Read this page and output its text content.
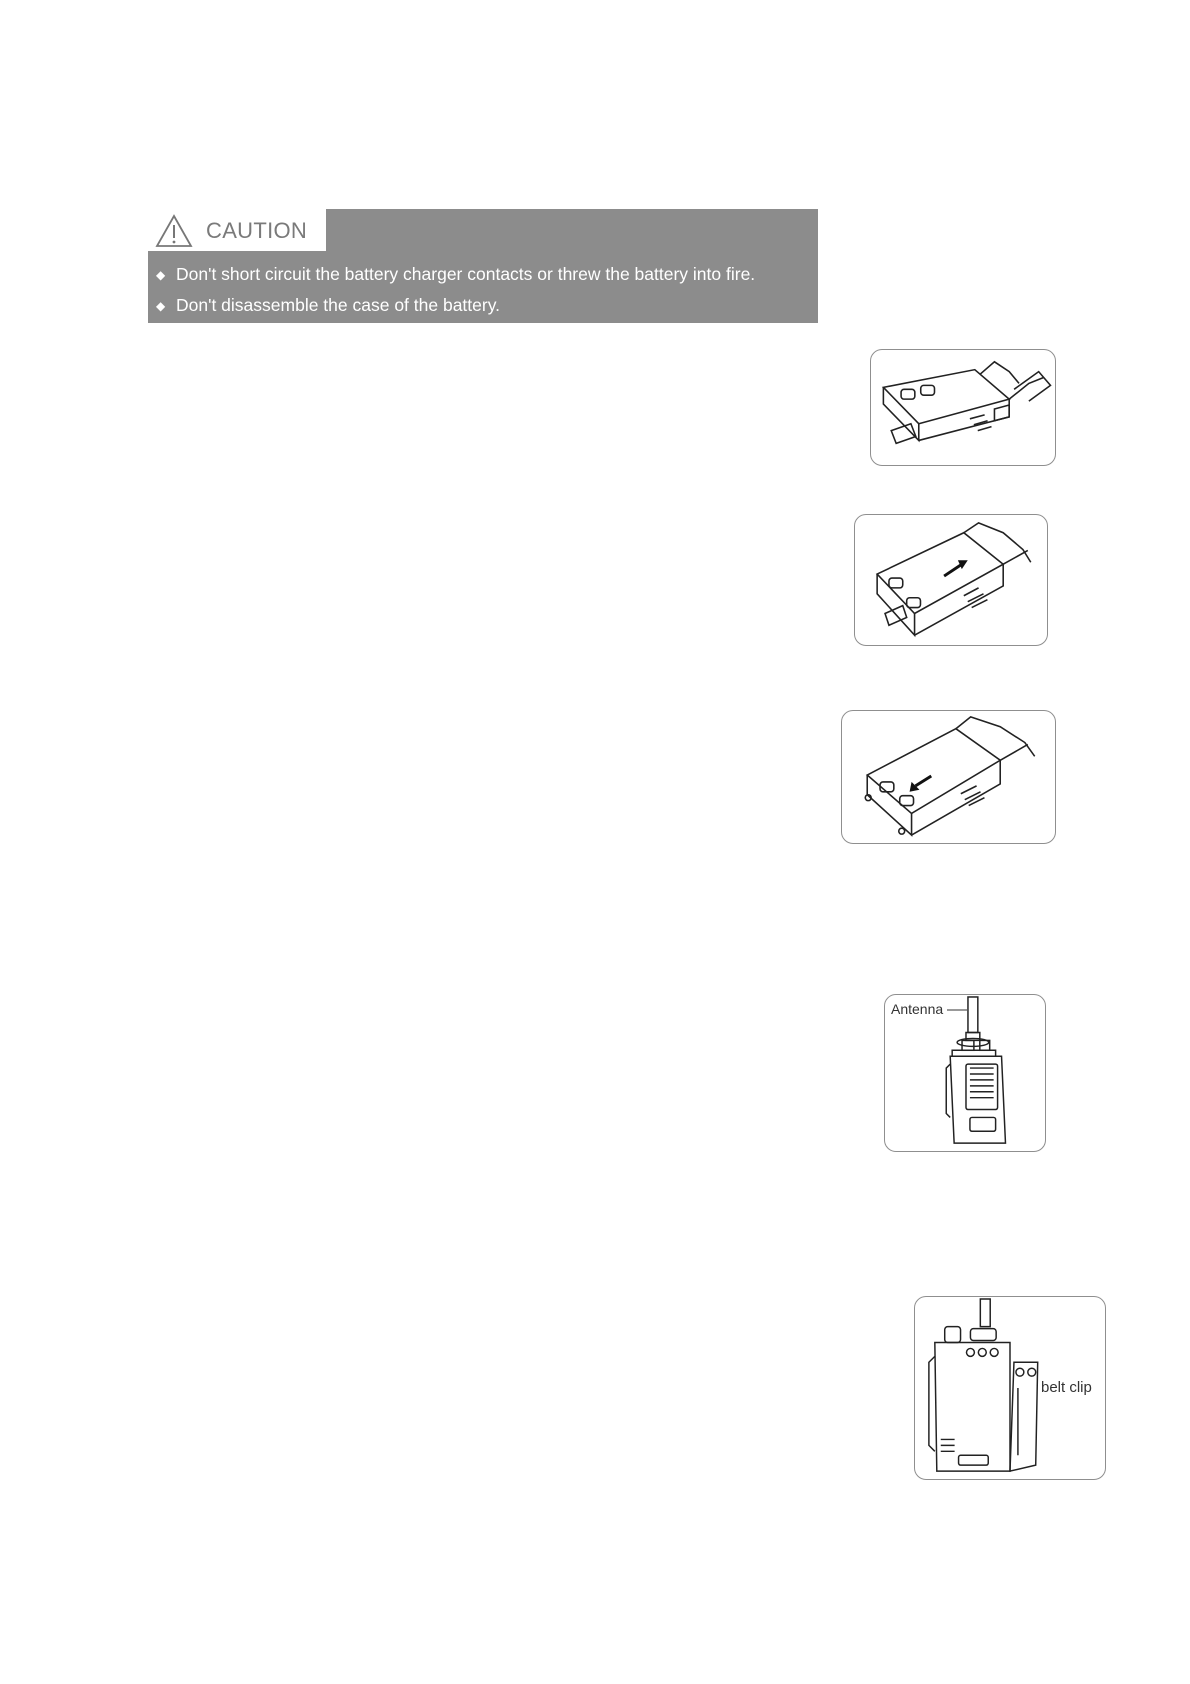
CAUTION
◆ Don't short circuit the battery charger contacts or threw the battery into fire.
◆ Don't disassemble the case of the battery.
Antenna
belt clip
